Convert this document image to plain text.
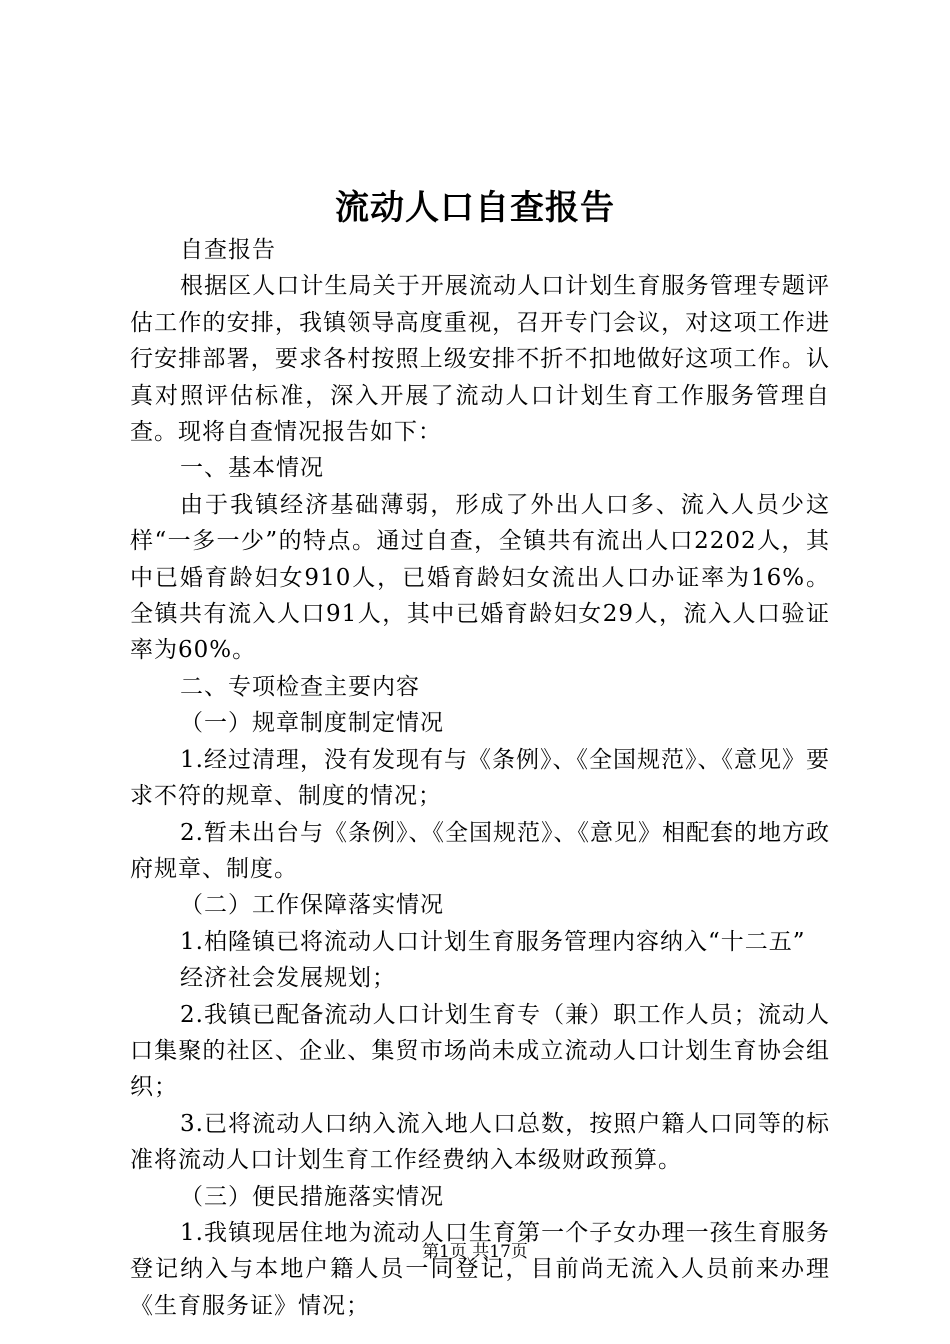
流动人口自查报告

自查报告

根据区人口计生局关于开展流动人口计划生育服务管理专题评估工作的安排，我镇领导高度重视，召开专门会议，对这项工作进行安排部署，要求各村按照上级安排不折不扣地做好这项工作。认真对照评估标准，深入开展了流动人口计划生育工作服务管理自查。现将自查情况报告如下：

一、基本情况

由于我镇经济基础薄弱，形成了外出人口多、流入人员少这样“一多一少”的特点。通过自查，全镇共有流出人口2202人，其中已婚育龄妇女910人，已婚育龄妇女流出人口办证率为16%。全镇共有流入人口91人，其中已婚育龄妇女29人，流入人口验证率为60%。

二、专项检查主要内容

（一）规章制度制定情况

1.经过清理，没有发现有与《条例》、《全国规范》、《意见》要求不符的规章、制度的情况；

2.暂未出台与《条例》、《全国规范》、《意见》相配套的地方政府规章、制度。

（二）工作保障落实情况

1.柏隆镇已将流动人口计划生育服务管理内容纳入“十二五”

经济社会发展规划；

2.我镇已配备流动人口计划生育专（兼）职工作人员；流动人口集聚的社区、企业、集贸市场尚未成立流动人口计划生育协会组织；

3.已将流动人口纳入流入地人口总数，按照户籍人口同等的标准将流动人口计划生育工作经费纳入本级财政预算。

（三）便民措施落实情况

1.我镇现居住地为流动人口生育第一个子女办理一孩生育服务登记纳入与本地户籍人员一同登记，目前尚无流入人员前来办理《生育服务证》情况；

第1页 共17页
